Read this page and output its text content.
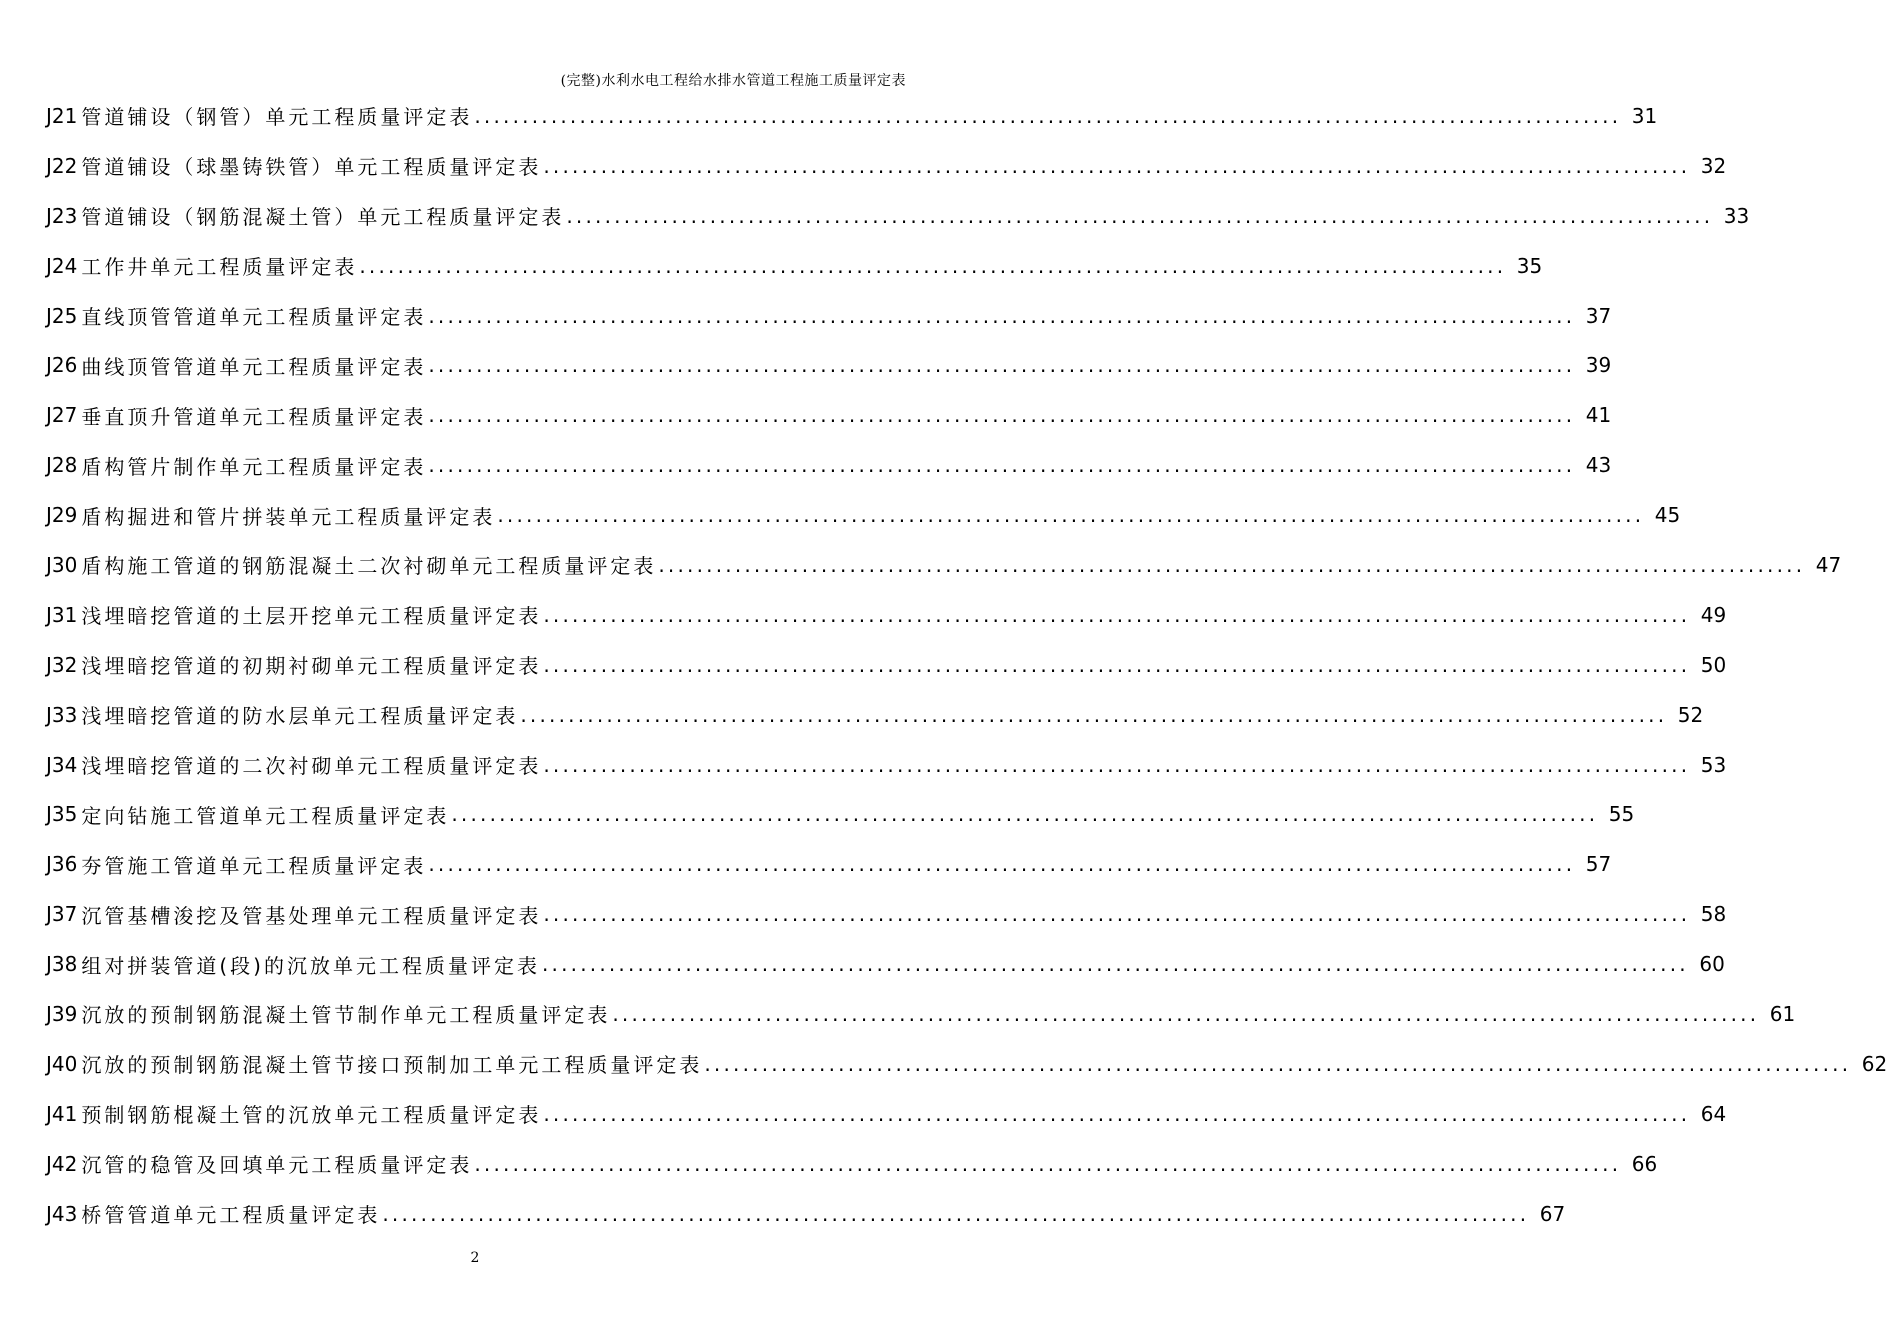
(完整)水利水电工程给水排水管道工程施工质量评定表
J21 管道铺设（钢管）单元工程质量评定表 ........................................................................................................................ 31
J22 管道铺设（球墨铸铁管）单元工程质量评定表 ........................................................................................................................ 32
J23 管道铺设（钢筋混凝土管）单元工程质量评定表 ........................................................................................................................ 33
J24 工作井单元工程质量评定表 ........................................................................................................................ 35
J25 直线顶管管道单元工程质量评定表 ........................................................................................................................ 37
J26 曲线顶管管道单元工程质量评定表 ........................................................................................................................ 39
J27 垂直顶升管道单元工程质量评定表 ........................................................................................................................ 41
J28 盾构管片制作单元工程质量评定表 ........................................................................................................................ 43
J29 盾构掘进和管片拼装单元工程质量评定表 ........................................................................................................................ 45
J30 盾构施工管道的钢筋混凝土二次衬砌单元工程质量评定表 ........................................................................................................................ 47
J31 浅埋暗挖管道的土层开挖单元工程质量评定表 ........................................................................................................................ 49
J32 浅埋暗挖管道的初期衬砌单元工程质量评定表 ........................................................................................................................ 50
J33 浅埋暗挖管道的防水层单元工程质量评定表 ........................................................................................................................ 52
J34 浅埋暗挖管道的二次衬砌单元工程质量评定表 ........................................................................................................................ 53
J35 定向钻施工管道单元工程质量评定表 ........................................................................................................................ 55
J36 夯管施工管道单元工程质量评定表 ........................................................................................................................ 57
J37 沉管基槽浚挖及管基处理单元工程质量评定表 ........................................................................................................................ 58
J38 组对拼装管道(段)的沉放单元工程质量评定表 ........................................................................................................................ 60
J39 沉放的预制钢筋混凝土管节制作单元工程质量评定表 ........................................................................................................................ 61
J40 沉放的预制钢筋混凝土管节接口预制加工单元工程质量评定表 ........................................................................................................................ 62
J41 预制钢筋棍凝土管的沉放单元工程质量评定表 ........................................................................................................................ 64
J42 沉管的稳管及回填单元工程质量评定表 ........................................................................................................................ 66
J43 桥管管道单元工程质量评定表 ........................................................................................................................ 67
2
